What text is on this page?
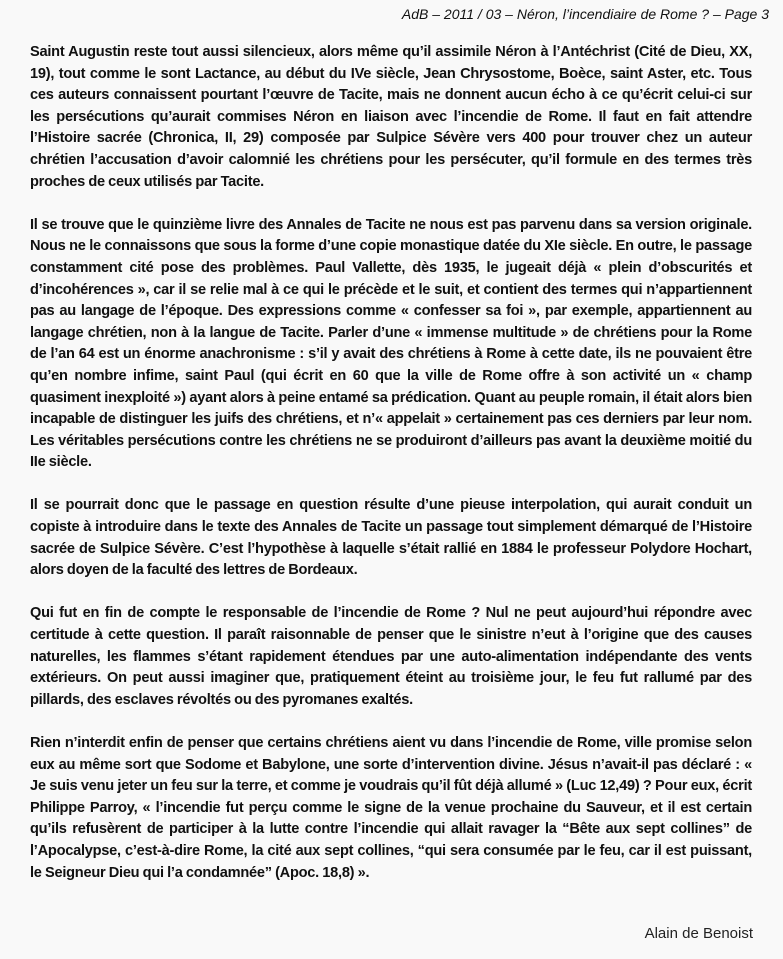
AdB – 2011 / 03 – Néron, l’incendiaire de Rome ? – Page 3

Saint Augustin reste tout aussi silencieux, alors même qu’il assimile Néron à l’Antéchrist (Cité de Dieu, XX, 19), tout comme le sont Lactance, au début du IVe siècle, Jean Chrysostome, Boèce, saint Aster, etc. Tous ces auteurs connaissent pourtant l’œuvre de Tacite, mais ne donnent aucun écho à ce qu’écrit celui-ci sur les persécutions qu’aurait commises Néron en liaison avec l’incendie de Rome. Il faut en fait attendre l’Histoire sacrée (Chronica, II, 29) composée par Sulpice Sévère vers 400 pour trouver chez un auteur chrétien l’accusation d’avoir calomnié les chrétiens pour les persécuter, qu’il formule en des termes très proches de ceux utilisés par Tacite.

Il se trouve que le quinzième livre des Annales de Tacite ne nous est pas parvenu dans sa version originale. Nous ne le connaissons que sous la forme d’une copie monastique datée du XIe siècle. En outre, le passage constamment cité pose des problèmes. Paul Vallette, dès 1935, le jugeait déjà « plein d’obscurités et d’incohérences », car il se relie mal à ce qui le précède et le suit, et contient des termes qui n’appartiennent pas au langage de l’époque. Des expressions comme « confesser sa foi », par exemple, appartiennent au langage chrétien, non à la langue de Tacite. Parler d’une « immense multitude » de chrétiens pour la Rome de l’an 64 est un énorme anachronisme : s’il y avait des chrétiens à Rome à cette date, ils ne pouvaient être qu’en nombre infime, saint Paul (qui écrit en 60 que la ville de Rome offre à son activité un « champ quasiment inexploité ») ayant alors à peine entamé sa prédication. Quant au peuple romain, il était alors bien incapable de distinguer les juifs des chrétiens, et n’« appelait » certainement pas ces derniers par leur nom. Les véritables persécutions contre les chrétiens ne se produiront d’ailleurs pas avant la deuxième moitié du IIe siècle.

Il se pourrait donc que le passage en question résulte d’une pieuse interpolation, qui aurait conduit un copiste à introduire dans le texte des Annales de Tacite un passage tout simplement démarqué de l’Histoire sacrée de Sulpice Sévère. C’est l’hypothèse à laquelle s’était rallié en 1884 le professeur Polydore Hochart, alors doyen de la faculté des lettres de Bordeaux.

Qui fut en fin de compte le responsable de l’incendie de Rome ? Nul ne peut aujourd’hui répondre avec certitude à cette question. Il paraît raisonnable de penser que le sinistre n’eut à l’origine que des causes naturelles, les flammes s’étant rapidement étendues par une auto-alimentation indépendante des vents extérieurs. On peut aussi imaginer que, pratiquement éteint au troisième jour, le feu fut rallumé par des pillards, des esclaves révoltés ou des pyromanes exaltés.

Rien n’interdit enfin de penser que certains chrétiens aient vu dans l’incendie de Rome, ville promise selon eux au même sort que Sodome et Babylone, une sorte d’intervention divine. Jésus n’avait-il pas déclaré : « Je suis venu jeter un feu sur la terre, et comme je voudrais qu’il fût déjà allumé » (Luc 12,49) ? Pour eux, écrit Philippe Parroy, « l’incendie fut perçu comme le signe de la venue prochaine du Sauveur, et il est certain qu’ils refusèrent de participer à la lutte contre l’incendie qui allait ravager la “Bête aux sept collines” de l’Apocalypse, c’est-à-dire Rome, la cité aux sept collines, “qui sera consumée par le feu, car il est puissant, le Seigneur Dieu qui l’a condamnée” (Apoc. 18,8) ».

Alain de Benoist
